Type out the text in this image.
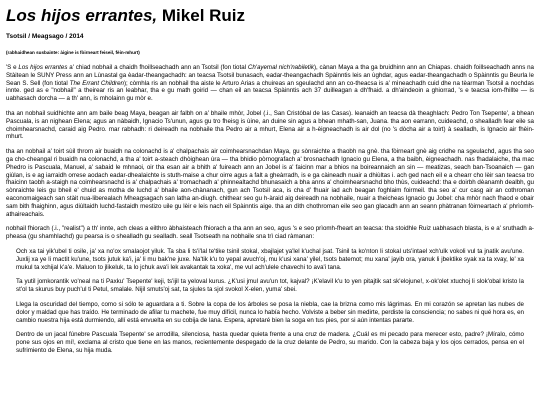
Los hijos errantes, Mikel Ruiz
Tsotsil / Meagsago / 2014
(rabhaidhean susbainte: àigine is fòirneart feiseil, fèin-mhurt)

'S e Los hijos errantes a' chiad nobhail a chaidh fhoillseachadh ann an Tsotsil (fon tiotal Ch'ayemal nich'nabiletik), cànan Maya a tha ga bruidhinn ann an Chiapas. chaidh foillseachadh anns na Stàitean le SUNY Press ann an Lùnastal ga èadar-theangachadh: an teacsa Tsotsil bunasach, eadar-theangachadh Spàinntis leis an ùghdar, agus eadar-theangachadh o Spàinntis gu Beurla le Sean S. Sell (fon tiotal The Errant Children); còmhla ris an nobhail tha aiste le Arturo Arias a chuireas an sgeulachd ann an co-theacsa is a' mìneachadh cuid dhe na tèarman Tsotsil a nochdas innte. ged as e "nobhail" a theirear ris an leabhar, tha e gu math goirid — chan eil an teacsa Spàinntis ach 37 duilleagan a dh'fhaid. a dh'aindeoin a ghiorrad, 's e teacsa iom-fhillte — is uabhasach dorcha — a th' ann, is mholainn gu mòr e.

tha an nobhail suidhichte ann am baile beag Maya, beagan air falbh on a' bhaile mhòr, Jobel (.i., San Cristóbal de las Casas). leanaidh an teacsa dà theaghlach: Pedro Ton Tsepente', a bhean Pascuala, is an nighean Elena; agus an nàbaidh, Ignacio Ts'unun, agus gu tro fheisg is ùine, an duine sin agus a bhean mhath-san, Juana. tha aon earrann, cuideachd, o shealladh fear eile sa choimhearsnachd, caraid aig Pedro. mar rabhadh: ri deireadh na nobhaile tha Pedro air a mhurt, Elena air a h-èigneachadh is air dol (no 's dòcha air a toirt) à sealladh, is Ignacio air fhèin-mhurt.

tha an nobhail a' toirt sùil throm air buaidh na colonachd is a' chalpachais air coimhearsnachdan Maya, gu sònraichte a thaobh na gnè. tha fòirneart gnè aig cridhe na sgeulachd, agus tha seo ga cho-cheangal ri buaidh na colonachd, a tha a' toirt a-steach dhòighean ùra — tha bhidio pòrnografach a' brosnachadh Ignacio gu Elena, a tha baibh, èigneachadh. nas fhadalaiche, tha mac Phedro is Pascuala, Manuel, a' sabaid le mhnaoi, oir tha esan air a bhith a' fuireach ann an Jobel is a' faicinn mar a bhios na boireannaich an sin — meatizas, seach ban-Tsoanaich — gan giùlan, is e ag iarraidh orrese aodach eadar-dhealaichte is stuth-maise a chur oirre agus a falt a gheàrradh, is e ga càineadh nuair a dhiùltas i. ach ged nach eil e a chearr cho lèir san teacsa tro fhaicinn taobh a-staigh na coimhearsnachd is a' chalpachais a' tromachadh a' phinnealtachd bhunasaich a bha anns a' choimhearsnachd bho thùs, cuideachd: tha e doirbh dèanamh dealbh, gu sònraichte leis gu bheil e' chuid as motha de luchd a' bhaile aon-chànanach, gun ach Tsotsil aca, is cha d' fhuair iad ach beagan foghlaim foirmeil. tha seo a' cur casg air an cothroman eaconomaigeach san stàit nua-liberealach Mheagsagach san latha an-diugh. chithear seo gu h-àraid aig deireadh na nobhaile, nuair a theicheas Ignacio gu Jobel: cha mhòr nach fhaod e obair sam bith fhaighinn, agus diùltaidh luchd-fastaidh mestizo uile gu lèir e leis nach eil Spàinntis aige. tha an dìth chothroman eile seo gan glacadh ann an seann phàtranan fòirneartach a' phrìomh-athaireachais.

nobhail fhiorach (.i., "realist") a th' innte, ach cleas a eilthro àbhaisteach fhiorach a tha ann an seo, agus 's e seo prìomh-fheart an teacsa: tha stoidhle Ruiz uabhasach blasta, is e a' sruthadh a-pheasa (gu shamhlachd) gu pearsa is o shealladh gu sealladh. seall Tsotseath na nobhaile sna trì ciad ràmanan:

Och xa tai yik'ubel ti osile, ja' xa no'ox smalaojot yiluk. Ta sba li ts'i'lal te'tike tsinil stokal, xbajlajet ya'lel k'uchal jsat. Tsinil ta ko'nton li stokal uts'intael xch'ulk vokoli vul ta jnatik avu'une. Juxlij xa ye li mactit ku'une, tsots jutuk ka'i, ja' li mu bak'ne juxe. Na'tik k'u to yepal avuch'oj, mu k'usi xana' yilel, tsots batemot; mu xana' jayib ora, yanuk li jbektike syak xa ta xvay, le' xa mukul ta xchijal k'a'e. Maluon to jlikeluk, ta lo jchuk ava'i lek avakantak ta xoka', me vul ach'ulele chavechi to ava'i tana.

Ta yutil jomkorantik vo'neal na ti Paxku' Tsepente' keji, ts'ijil ta yeloval kurus. ¿K'usi jmul avu'un tot, kajval? ¡K'elavil k'u to yen pitajtik sat sk'elojune!, x-ok'olet xtuchoj li slok'obal kristo la st'ol ta skurus buy puch'ul ti Petul, smalale. Nijil smuts'oj sat, ta sjules ta sjol svokol X-elen, yuma' sbei.

Llega la oscuridad del tiempo, como si sólo te aguardara a ti. Sobre la copa de los árboles se posa la niebla, cae la brizna como mis lágrimas. En mi corazón se apretan las nubes de dolor y maldad que has traído. He terminado de afilar tu machete, fue muy difícil, nunca lo había hecho. Volviste a beber sin medirte, perdiste la consciencia; no sabes ni qué hora es, en cambio nuestra hija está durmiendo, allí está envuelta en su cobija de lana. Espera, apretaré bien la soga en tus pies, por si aún intentas pararte.

Dentro de un jacal fúnebre Pascuala Tsepente' se arrodilla, silenciosa, hasta quedar quieta frente a una cruz de madera. ¿Cuál es mi pecado para merecer esto, padre? ¡Míralo, cómo pone sus ojos en mí!, exclama al cristo que tiene en las manos, recientemente despegado de la cruz delante de Pedro, su marido. Con la cabeza baja y los ojos cerrados, pensa en el sufrimiento de Elena, su hija muda.
